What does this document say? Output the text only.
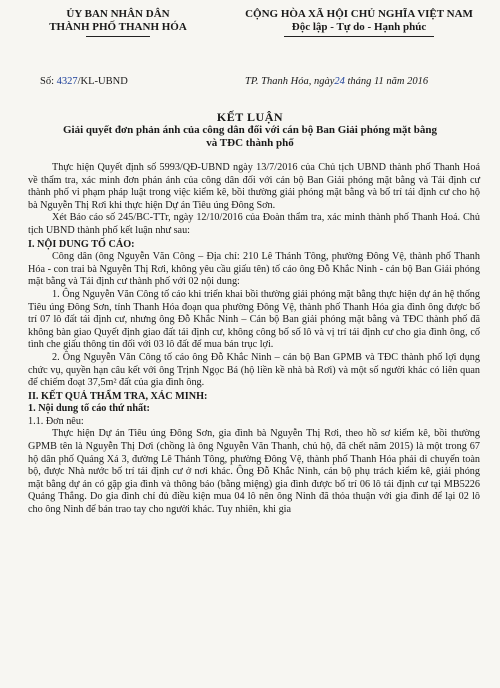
ỦY BAN NHÂN DÂN
THÀNH PHỐ THANH HÓA
CỘNG HÒA XÃ HỘI CHỦ NGHĨA VIỆT NAM
Độc lập - Tự do - Hạnh phúc
Số: 4327/KL-UBND	TP. Thanh Hóa, ngày24 tháng 11 năm 2016
KẾT LUẬN
Giải quyết đơn phản ánh của công dân đối với cán bộ Ban Giải phóng mặt bằng và TĐC thành phố

Thực hiện Quyết định số 5993/QĐ-UBND ngày 13/7/2016 của Chủ tịch UBND thành phố Thanh Hoá về thẩm tra, xác minh đơn phản ánh của công dân đối với cán bộ Ban Giải phóng mặt bằng và Tái định cư thành phố vi phạm pháp luật trong việc kiểm kê, bồi thường giải phóng mặt bằng và bố trí tái định cư cho hộ bà Nguyễn Thị Rơi khi thực hiện Dự án Tiêu úng Đông Sơn.

Xét Báo cáo số 245/BC-TTr, ngày 12/10/2016 của Đoàn thẩm tra, xác minh thành phố Thanh Hoá. Chủ tịch UBND thành phố kết luận như sau:

I. NỘI DUNG TỐ CÁO:

Công dân (ông Nguyễn Văn Công – Địa chỉ: 210 Lê Thánh Tông, phường Đông Vệ, thành phố Thanh Hóa - con trai bà Nguyễn Thị Rơi, không yêu cầu giấu tên) tố cáo ông Đỗ Khắc Ninh - cán bộ Ban Giải phóng mặt bằng và Tái định cư thành phố với 02 nội dung:

1. Ông Nguyễn Văn Công tố cáo khi triển khai bồi thường giải phóng mặt bằng thực hiện dự án hệ thống Tiêu úng Đông Sơn, tỉnh Thanh Hóa đoạn qua phường Đông Vệ, thành phố Thanh Hóa gia đình ông được bố trí 07 lô đất tái định cư, nhưng ông Đỗ Khắc Ninh – Cán bộ Ban giải phóng mặt bằng và TĐC thành phố đã không bàn giao Quyết định giao đất tái định cư, không công bố số lô và vị trí tái định cư cho gia đình ông, cố tình che giấu thông tin đối với 03 lô đất để mua bán trục lợi.

2. Ông Nguyễn Văn Công tố cáo ông Đỗ Khắc Ninh – cán bộ Ban GPMB và TĐC thành phố lợi dụng chức vụ, quyền hạn câu kết với ông Trịnh Ngọc Bá (hộ liền kề nhà bà Rơi) và một số người khác có liên quan để chiếm đoạt 37,5m² đất của gia đình ông.

II. KẾT QUẢ THẨM TRA, XÁC MINH:

1. Nội dung tố cáo thứ nhất:

1.1. Đơn nêu:

Thực hiện Dự án Tiêu úng Đông Sơn, gia đình bà Nguyễn Thị Rơi, theo hồ sơ kiểm kê, bồi thường GPMB tên là Nguyễn Thị Dơi (chồng là ông Nguyễn Văn Thanh, chủ hộ, đã chết năm 2015) là một trong 67 hộ dân phố Quảng Xá 3, đường Lê Thánh Tông, phường Đông Vệ, thành phố Thanh Hóa phải di chuyển toàn bộ, được Nhà nước bố trí tái định cư ở nơi khác. Ông Đỗ Khắc Ninh, cán bộ phụ trách kiểm kê, giải phóng mặt bằng dự án có gặp gia đình và thông báo (bằng miệng) gia đình được bố trí 06 lô tái định cư tại MB5226 Quảng Thắng. Do gia đình chỉ đủ điều kiện mua 04 lô nên ông Ninh đã thỏa thuận với gia đình để lại 02 lô cho ông Ninh để bán trao tay cho người khác. Tuy nhiên, khi gia
